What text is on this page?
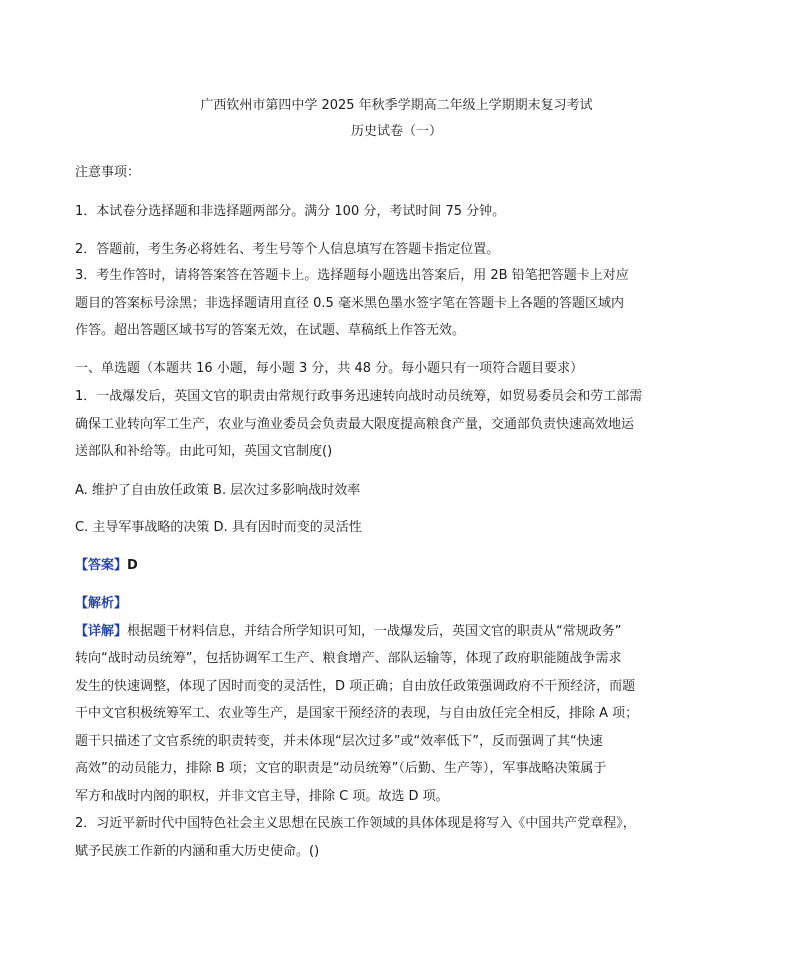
广西钦州市第四中学 2025 年秋季学期高二年级上学期期末复习考试
历史试卷（一）
注意事项：
1．本试卷分选择题和非选择题两部分。满分 100 分，考试时间 75 分钟。
2．答题前，考生务必将姓名、考生号等个人信息填写在答题卡指定位置。
3．考生作答时，请将答案答在答题卡上。选择题每小题选出答案后，用 2B 铅笔把答题卡上对应
题目的答案标号涂黑；非选择题请用直径 0.5 毫米黑色墨水签字笔在答题卡上各题的答题区域内
作答。超出答题区域书写的答案无效，在试题、草稿纸上作答无效。
一、单选题（本题共 16 小题，每小题 3 分，共 48 分。每小题只有一项符合题目要求）
1．一战爆发后，英国文官的职责由常规行政事务迅速转向战时动员统筹，如贸易委员会和劳工部需
确保工业转向军工生产，农业与渔业委员会负责最大限度提高粮食产量，交通部负责快速高效地运
送部队和补给等。由此可知，英国文官制度()
A. 维护了自由放任政策 B. 层次过多影响战时效率
C. 主导军事战略的决策 D. 具有因时而变的灵活性
【答案】D
【解析】
【详解】根据题干材料信息，并结合所学知识可知，一战爆发后，英国文官的职责从“常规政务”
转向“战时动员统筹”，包括协调军工生产、粮食增产、部队运输等，体现了政府职能随战争需求
发生的快速调整，体现了因时而变的灵活性，D 项正确；自由放任政策强调政府不干预经济，而题
干中文官积极统筹军工、农业等生产，是国家干预经济的表现，与自由放任完全相反，排除 A 项；
题干只描述了文官系统的职责转变，并未体现“层次过多”或“效率低下”，反而强调了其“快速
高效”的动员能力，排除 B 项；文官的职责是“动员统筹”（后勤、生产等），军事战略决策属于
军方和战时内阁的职权，并非文官主导，排除 C 项。故选 D 项。
2．习近平新时代中国特色社会主义思想在民族工作领域的具体体现是将写入《中国共产党章程》，
赋予民族工作新的内涵和重大历史使命。()
